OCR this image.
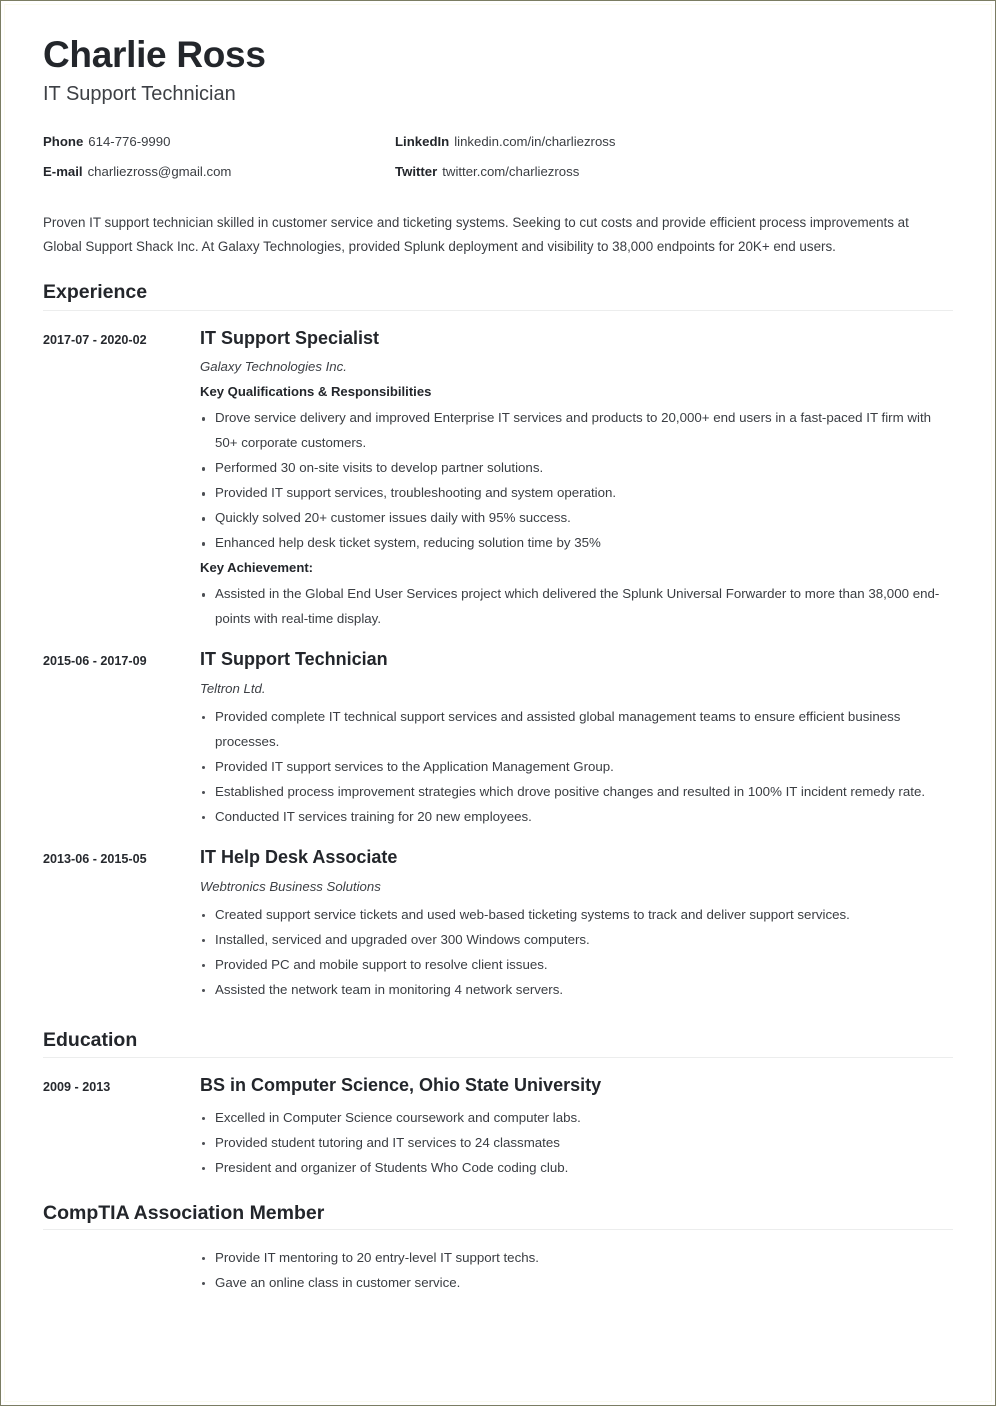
Charlie Ross
IT Support Technician
Phone 614-776-9990	LinkedIn linkedin.com/in/charliezross
E-mail charliezross@gmail.com	Twitter twitter.com/charliezross

Proven IT support technician skilled in customer service and ticketing systems. Seeking to cut costs and provide efficient process improvements at Global Support Shack Inc. At Galaxy Technologies, provided Splunk deployment and visibility to 38,000 endpoints for 20K+ end users.

Experience
2017-07 - 2020-02	IT Support Specialist
Galaxy Technologies Inc.
Key Qualifications & Responsibilities
Drove service delivery and improved Enterprise IT services and products to 20,000+ end users in a fast-paced IT firm with 50+ corporate customers.
Performed 30 on-site visits to develop partner solutions.
Provided IT support services, troubleshooting and system operation.
Quickly solved 20+ customer issues daily with 95% success.
Enhanced help desk ticket system, reducing solution time by 35%
Key Achievement:
Assisted in the Global End User Services project which delivered the Splunk Universal Forwarder to more than 38,000 end-points with real-time display.
2015-06 - 2017-09	IT Support Technician
Teltron Ltd.
Provided complete IT technical support services and assisted global management teams to ensure efficient business processes.
Provided IT support services to the Application Management Group.
Established process improvement strategies which drove positive changes and resulted in 100% IT incident remedy rate.
Conducted IT services training for 20 new employees.
2013-06 - 2015-05	IT Help Desk Associate
Webtronics Business Solutions
Created support service tickets and used web-based ticketing systems to track and deliver support services.
Installed, serviced and upgraded over 300 Windows computers.
Provided PC and mobile support to resolve client issues.
Assisted the network team in monitoring 4 network servers.
Education
2009 - 2013	BS in Computer Science, Ohio State University
Excelled in Computer Science coursework and computer labs.
Provided student tutoring and IT services to 24 classmates
President and organizer of Students Who Code coding club.
CompTIA Association Member
Provide IT mentoring to 20 entry-level IT support techs.
Gave an online class in customer service.
